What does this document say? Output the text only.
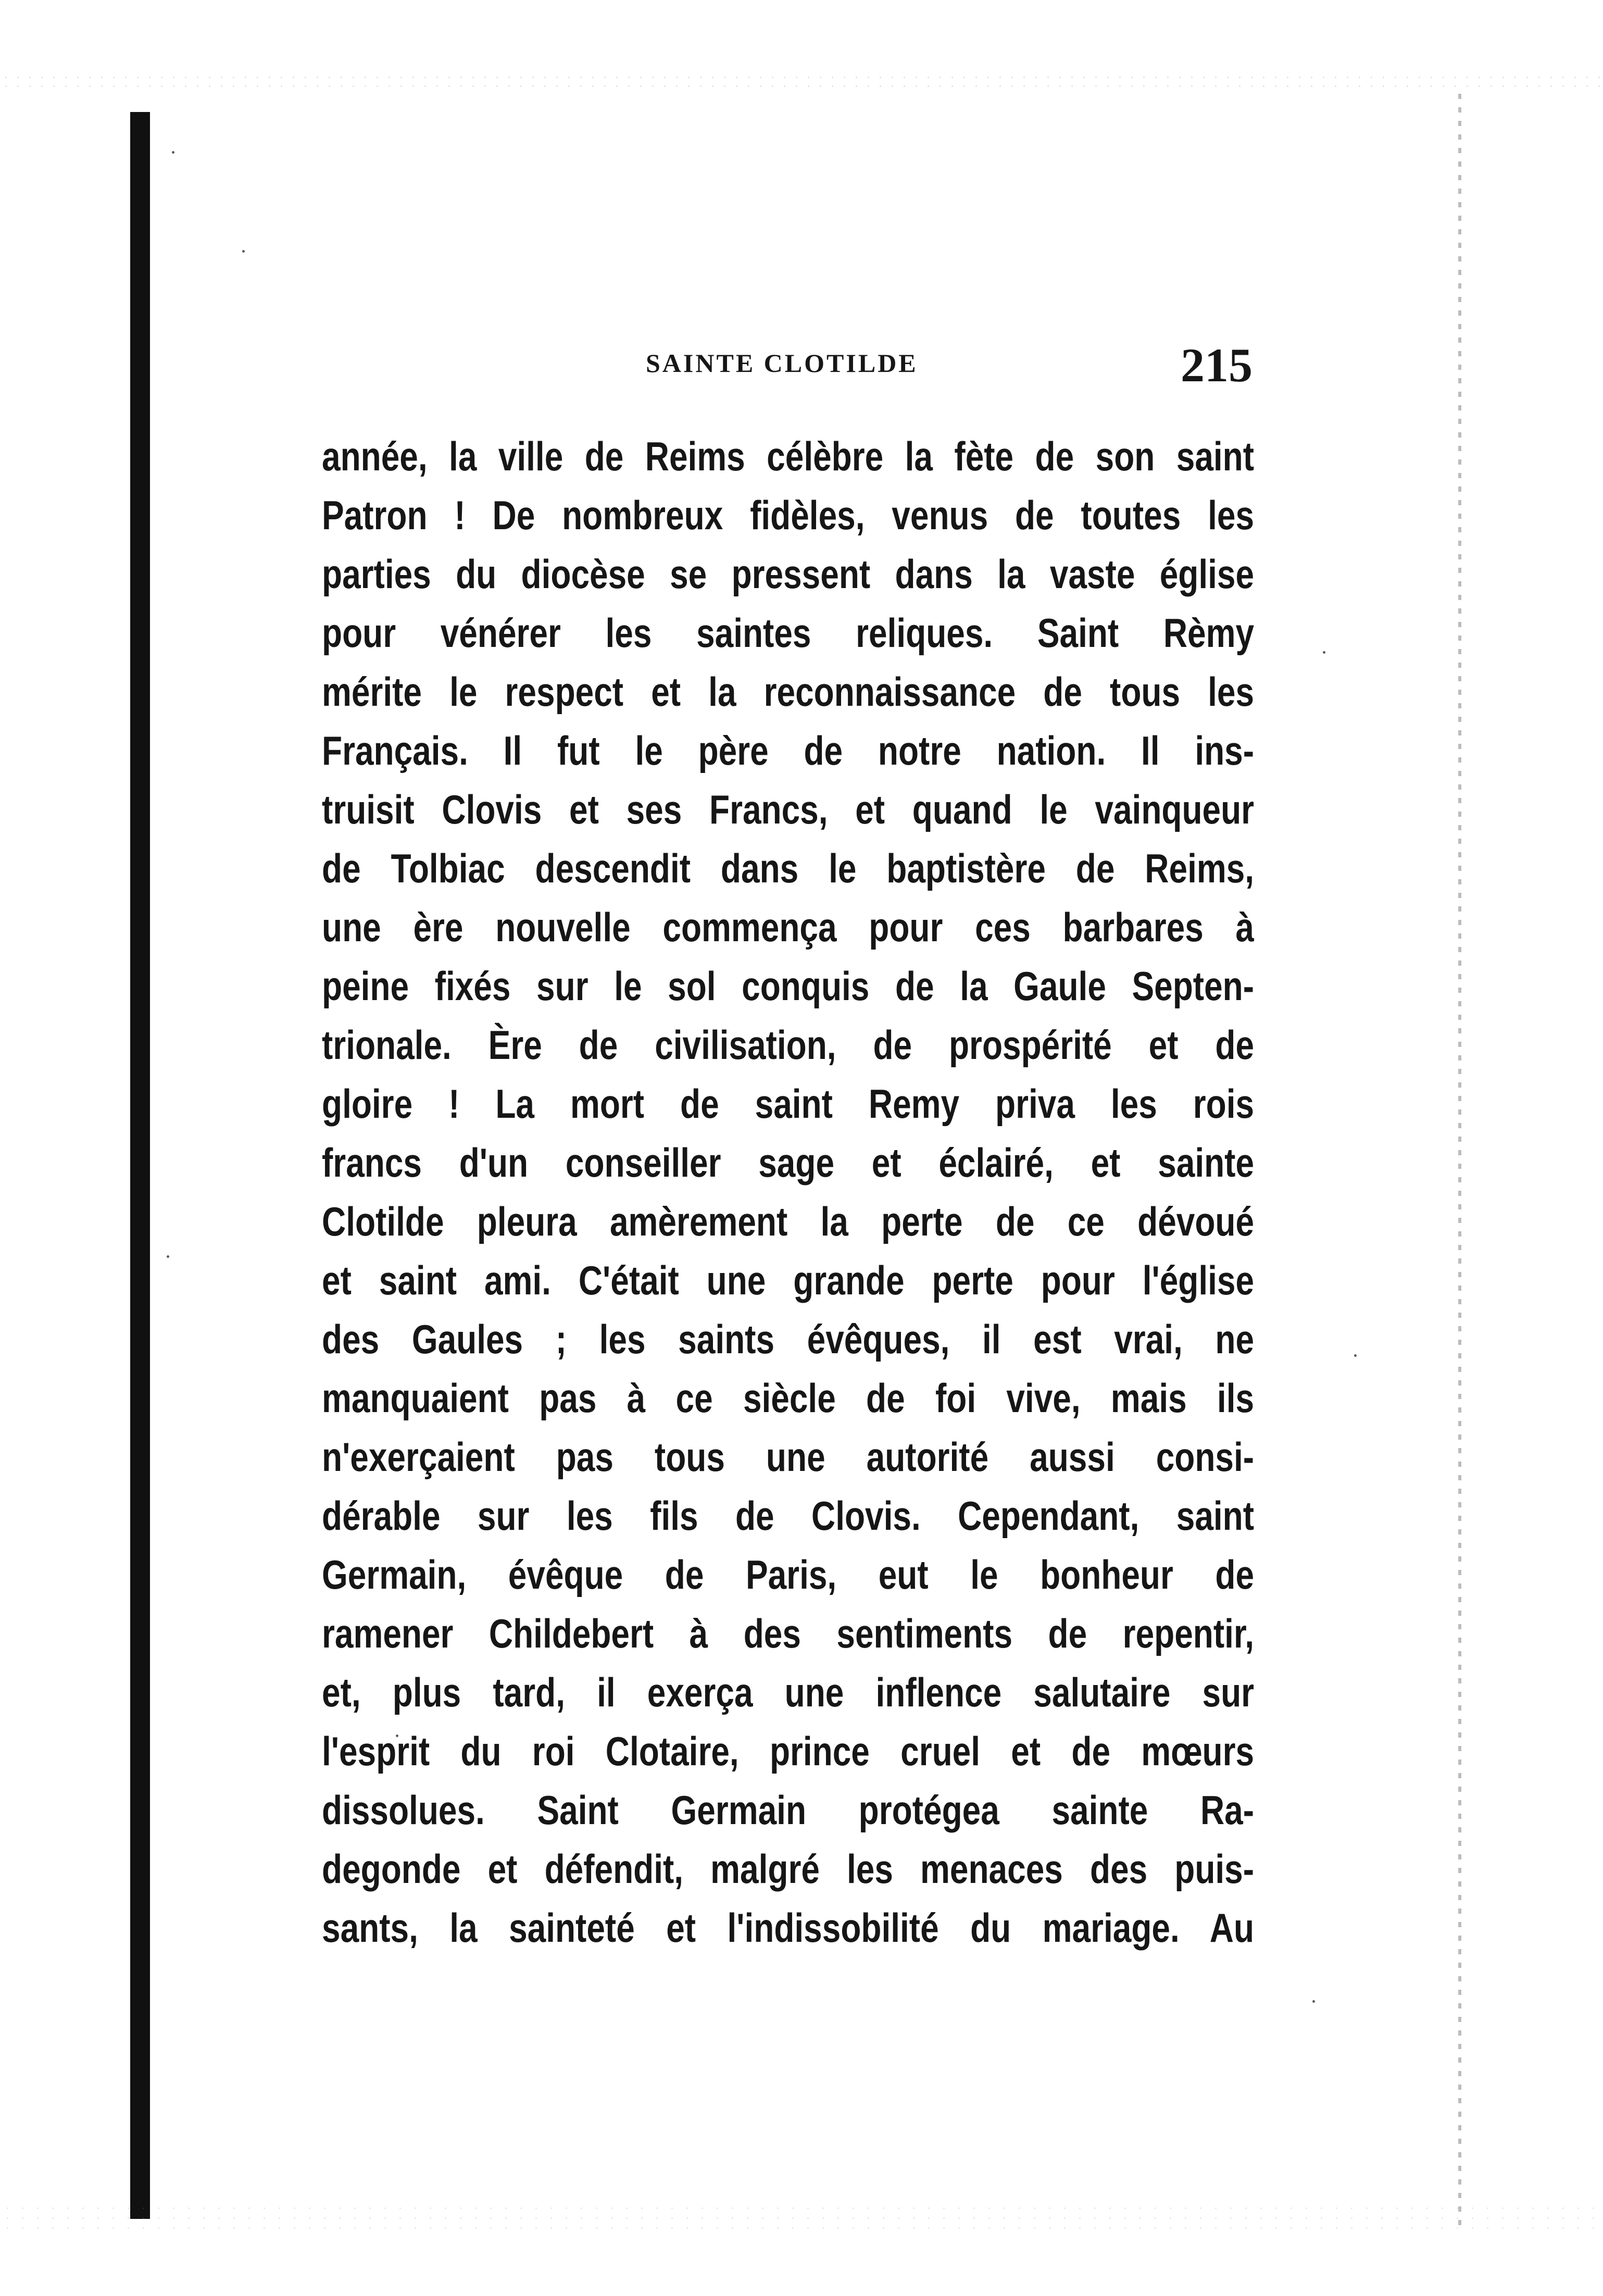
SAINTE CLOTILDE	215
année, la ville de Reims célèbre la fète de son saint
Patron ! De nombreux fidèles, venus de toutes les
parties du diocèse se pressent dans la vaste église
pour vénérer les saintes reliques. Saint Rèmy
mérite le respect et la reconnaissance de tous les
Français. Il fut le père de notre nation. Il ins-
truisit Clovis et ses Francs, et quand le vainqueur
de Tolbiac descendit dans le baptistère de Reims,
une ère nouvelle commença pour ces barbares à
peine fixés sur le sol conquis de la Gaule Septen-
trionale. Ère de civilisation, de prospérité et de
gloire ! La mort de saint Remy priva les rois
francs d'un conseiller sage et éclairé, et sainte
Clotilde pleura amèrement la perte de ce dévoué
et saint ami. C'était une grande perte pour l'église
des Gaules ; les saints évêques, il est vrai, ne
manquaient pas à ce siècle de foi vive, mais ils
n'exerçaient pas tous une autorité aussi consi-
dérable sur les fils de Clovis. Cependant, saint
Germain, évêque de Paris, eut le bonheur de
ramener Childebert à des sentiments de repentir,
et, plus tard, il exerça une inflence salutaire sur
l'esprit du roi Clotaire, prince cruel et de mœurs
dissolues. Saint Germain protégea sainte Ra-
degonde et défendit, malgré les menaces des puis-
sants, la sainteté et l'indissobilité du mariage. Au
